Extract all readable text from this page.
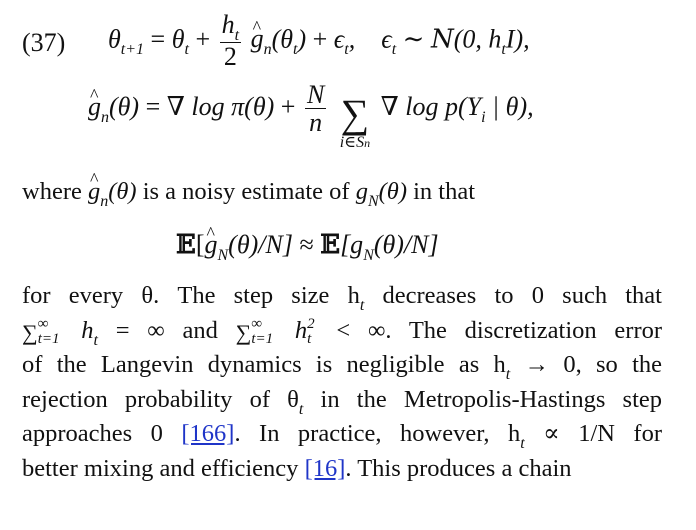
(37) $\theta_{t+1} = \theta_t + \frac{h_t}{2}$
^ $g_n(\theta_t) + \epsilon_t$, $\epsilon_t$ ∼ N(0, $h_tI$),
^ $g_n(\theta)$ = ∇ $\log \pi(\theta) + \frac{N}{n}$
∑
i∈Sn
∇ $\log p(Y_i$ | θ),
where ^ $g_n(\theta)$ is a noisy estimate of $g_N(\theta)$ in that
𝔼[^ $g_N(\theta)/N$] ≈ $𝔼[g_N(\theta)/N]$
for every θ. The step size $h_t$ decreases to 0 such that
∑ ∞
t=1 $h_t$ = ∞ and ∑ ∞
t=1 h 2
t < ∞. The discretization error
of the Langevin dynamics is negligible as $h_t \to 0$, so the
rejection probability of $\theta_t$ in the Metropolis-Hastings step
approaches 0 [166]. In practice, however, $h_t \propto 1/N$ for
better mixing and efficiency [16]. This produces a chain
